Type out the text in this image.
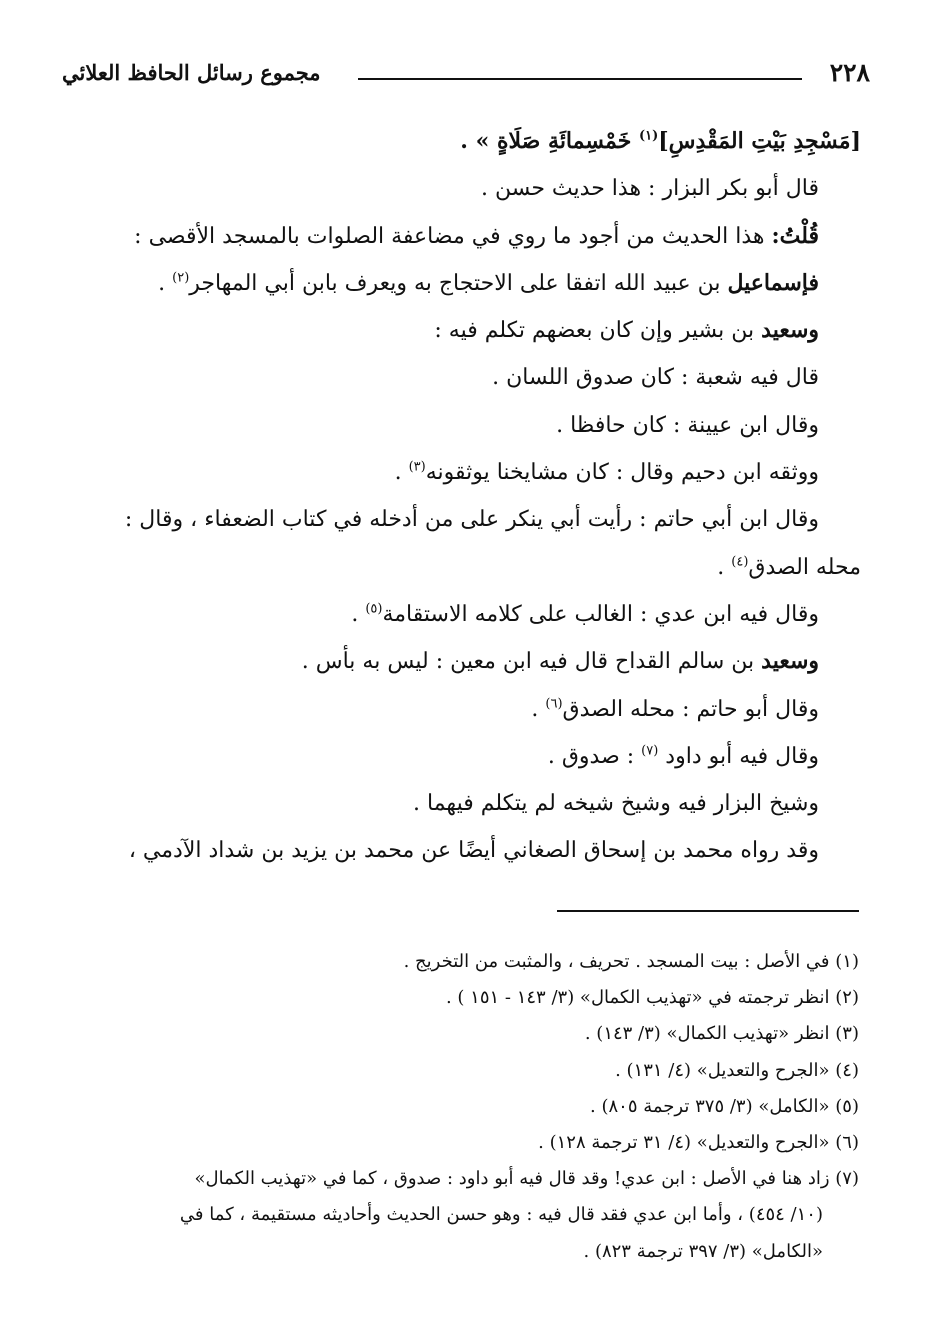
٢٢٨
مجموع رسائل الحافظ العلائي
[مَسْجِدِ بَيْتِ المَقْدِسِ]$^{(١)}$ خَمْسِمائَةِ صَلَاةٍ » .
قال أبو بكر البزار : هذا حديث حسن .
قُلْتُ: هذا الحديث من أجود ما روي في مضاعفة الصلوات بالمسجد الأقصى :
فإسماعيل بن عبيد الله اتفقا على الاحتجاج به ويعرف بابن أبي المهاجر$^{(٢)}$ .
وسعيد بن بشير وإن كان بعضهم تكلم فيه :
قال فيه شعبة : كان صدوق اللسان .
وقال ابن عيينة : كان حافظا .
ووثقه ابن دحيم وقال : كان مشايخنا يوثقونه$^{(٣)}$ .
وقال ابن أبي حاتم : رأيت أبي ينكر على من أدخله في كتاب الضعفاء ، وقال :
محله الصدق$^{(٤)}$ .
وقال فيه ابن عدي : الغالب على كلامه الاستقامة$^{(٥)}$ .
وسعيد بن سالم القداح قال فيه ابن معين : ليس به بأس .
وقال أبو حاتم : محله الصدق$^{(٦)}$ .
وقال فيه أبو داود $^{(٧)}$ : صدوق .
وشيخ البزار فيه وشيخ شيخه لم يتكلم فيهما .
وقد رواه محمد بن إسحاق الصغاني أيضًا عن محمد بن يزيد بن شداد الآدمي ،
(١) في الأصل : بيت المسجد . تحريف ، والمثبت من التخريج .
(٢) انظر ترجمته في «تهذيب الكمال» (٣/ ١٤٣ - ١٥١ ) .
(٣) انظر «تهذيب الكمال» (٣/ ١٤٣) .
(٤) «الجرح والتعديل» (٤/ ١٣١) .
(٥) «الكامل» (٣/ ٣٧٥ ترجمة ٨٠٥) .
(٦) «الجرح والتعديل» (٤/ ٣١ ترجمة ١٢٨) .
(٧) زاد هنا في الأصل : ابن عدي! وقد قال فيه أبو داود : صدوق ، كما في «تهذيب الكمال»
(١٠/ ٤٥٤) ، وأما ابن عدي فقد قال فيه : وهو حسن الحديث وأحاديثه مستقيمة ، كما في
«الكامل» (٣/ ٣٩٧ ترجمة ٨٢٣) .
